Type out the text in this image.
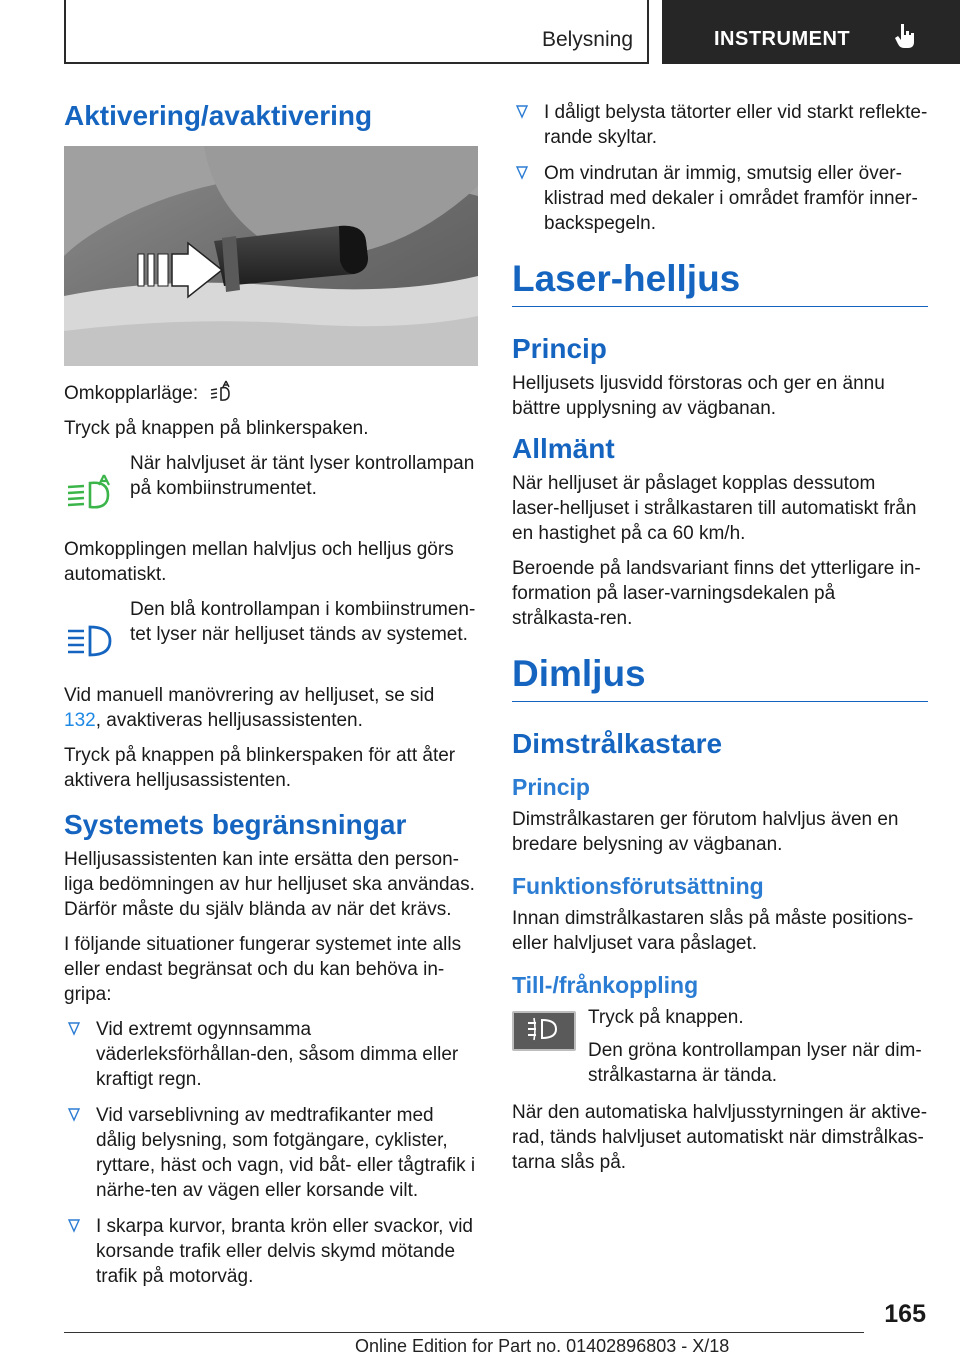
Belysning	INSTRUMENT
Aktivering/avaktivering
Omkopplarläge:
Tryck på knappen på blinkerspaken.
När halvljuset är tänt lyser kontrollampan på kombiinstrumentet.
Omkopplingen mellan halvljus och helljus görs automatiskt.
Den blå kontrollampan i kombiinstrumen-tet lyser när helljuset tänds av systemet.
Vid manuell manövrering av helljuset, se sid 132, avaktiveras helljusassistenten.
Tryck på knappen på blinkerspaken för att åter aktivera helljusassistenten.
Systemets begränsningar
Helljusassistenten kan inte ersätta den person-liga bedömningen av hur helljuset ska användas. Därför måste du själv blända av när det krävs.
I följande situationer fungerar systemet inte alls eller endast begränsat och du kan behöva in-gripa:
Vid extremt ogynnsamma väderleksförhållan-den, såsom dimma eller kraftigt regn.
Vid varseblivning av medtrafikanter med dålig belysning, som fotgängare, cyklister, ryttare, häst och vagn, vid båt- eller tågtrafik i närhe-ten av vägen eller korsande vilt.
I skarpa kurvor, branta krön eller svackor, vid korsande trafik eller delvis skymd mötande trafik på motorväg.
I dåligt belysta tätorter eller vid starkt reflekte-rande skyltar.
Om vindrutan är immig, smutsig eller över-klistrad med dekaler i området framför inner-backspegeln.
Laser-helljus
Princip
Helljusets ljusvidd förstoras och ger en ännu bättre upplysning av vägbanan.
Allmänt
När helljuset är påslaget kopplas dessutom laser-helljuset i strålkastaren till automatiskt från en hastighet på ca 60 km/h.
Beroende på landsvariant finns det ytterligare in-formation på laser-varningsdekalen på strålkasta-ren.
Dimljus
Dimstrålkastare
Princip
Dimstrålkastaren ger förutom halvljus även en bredare belysning av vägbanan.
Funktionsförutsättning
Innan dimstrålkastaren slås på måste positions-eller halvljuset vara påslaget.
Till-/frånkoppling
Tryck på knappen.
Den gröna kontrollampan lyser när dim-strålkastarna är tända.
När den automatiska halvljusstyrningen är aktive-rad, tänds halvljuset automatiskt när dimstrålkas-tarna slås på.
165
Online Edition for Part no. 01402896803 - X/18
